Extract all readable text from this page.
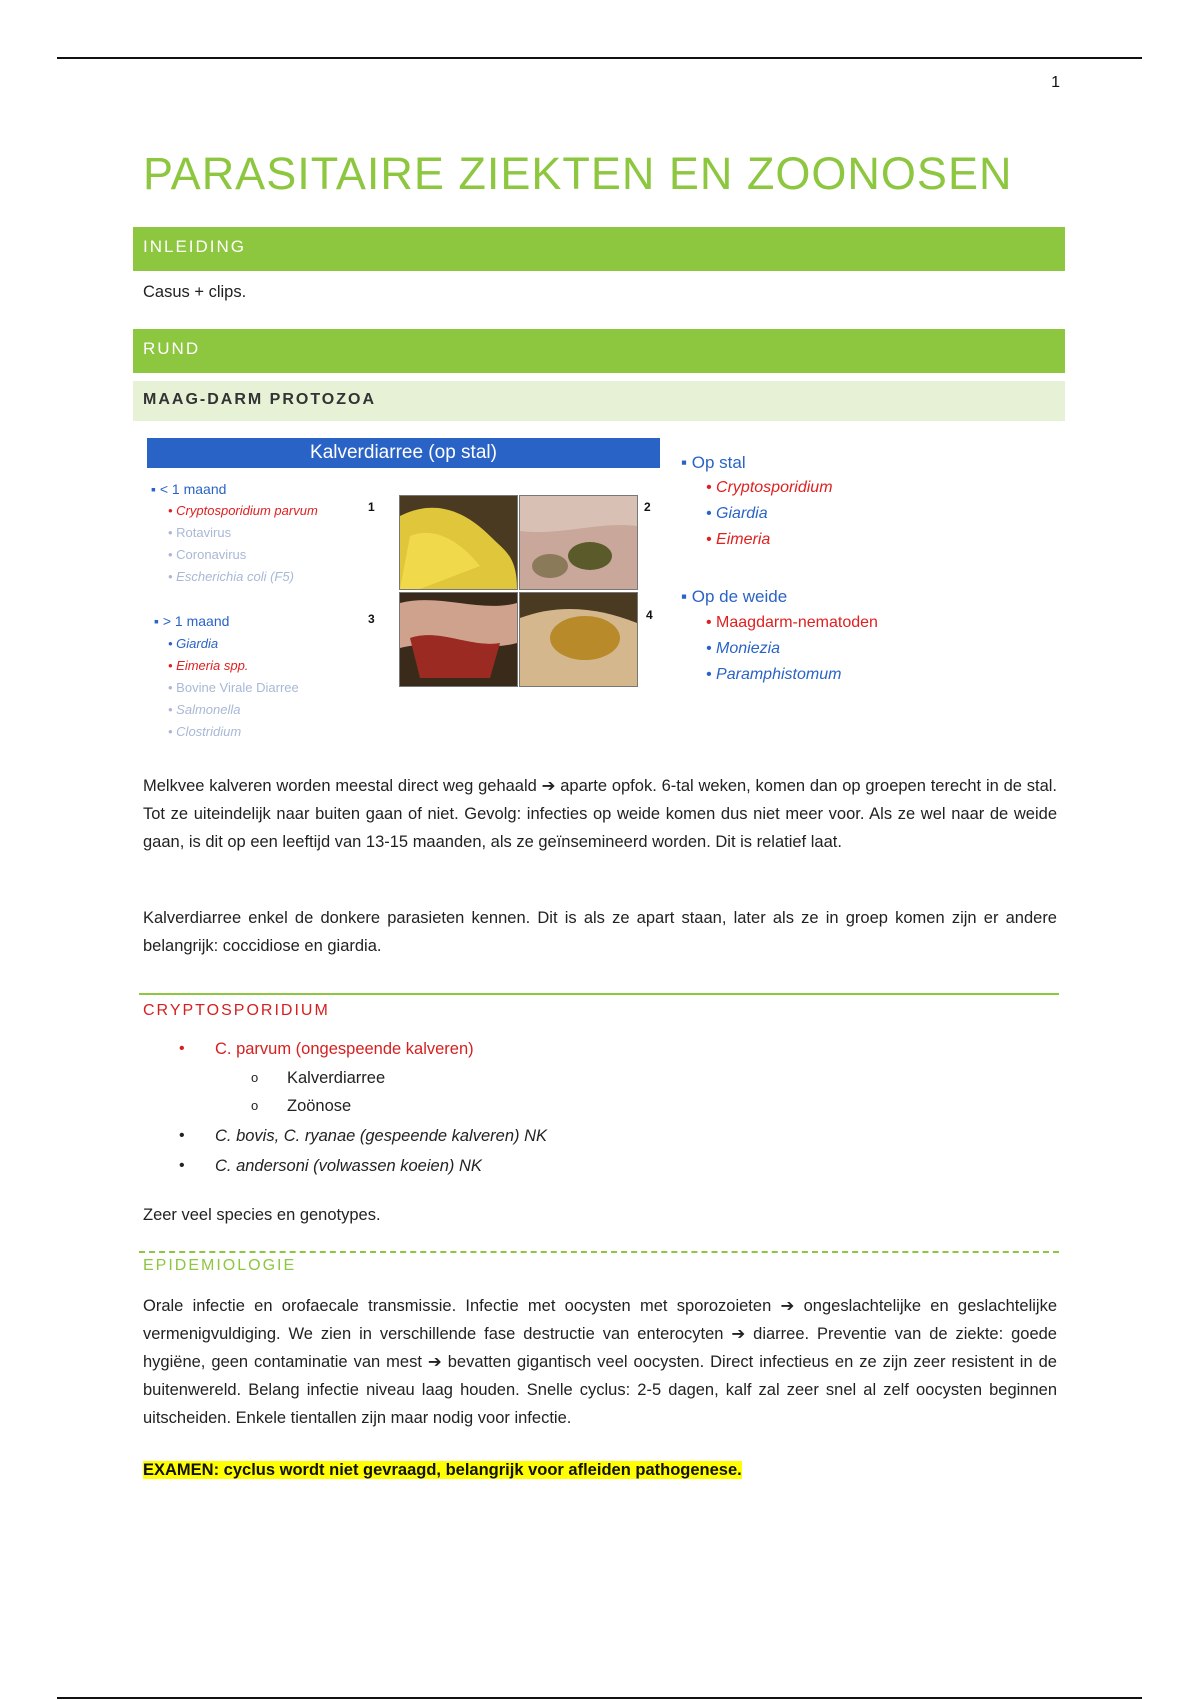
1
PARASITAIRE ZIEKTEN EN ZOONOSEN
INLEIDING
Casus + clips.
RUND
MAAG-DARM PROTOZOA
Kalverdiarree (op stal)
▪ < 1 maand
• Cryptosporidium parvum
• Rotavirus
• Coronavirus
• Escherichia coli (F5)
▪ > 1 maand
• Giardia
• Eimeria spp.
• Bovine Virale Diarree
• Salmonella
• Clostridium
1	2
3	4
▪ Op stal
• Cryptosporidium
• Giardia
• Eimeria
▪ Op de weide
• Maagdarm-nematoden
• Moniezia
• Paramphistomum
Melkvee kalveren worden meestal direct weg gehaald ➔ aparte opfok. 6-tal weken, komen dan op groepen terecht in de stal. Tot ze uiteindelijk naar buiten gaan of niet. Gevolg: infecties op weide komen dus niet meer voor. Als ze wel naar de weide gaan, is dit op een leeftijd van 13-15 maanden, als ze geïnsemineerd worden. Dit is relatief laat.
Kalverdiarree enkel de donkere parasieten kennen. Dit is als ze apart staan, later als ze in groep komen zijn er andere belangrijk: coccidiose en giardia.
CRYPTOSPORIDIUM
• C. parvum (ongespeende kalveren)
o Kalverdiarree
o Zoönose
• C. bovis, C. ryanae (gespeende kalveren) NK
• C. andersoni (volwassen koeien) NK
Zeer veel species en genotypes.
EPIDEMIOLOGIE
Orale infectie en orofaecale transmissie. Infectie met oocysten met sporozoieten ➔ ongeslachtelijke en geslachtelijke vermenigvuldiging. We zien in verschillende fase destructie van enterocyten ➔ diarree. Preventie van de ziekte: goede hygiëne, geen contaminatie van mest ➔ bevatten gigantisch veel oocysten. Direct infectieus en ze zijn zeer resistent in de buitenwereld. Belang infectie niveau laag houden. Snelle cyclus: 2-5 dagen, kalf zal zeer snel al zelf oocysten beginnen uitscheiden. Enkele tientallen zijn maar nodig voor infectie.
EXAMEN: cyclus wordt niet gevraagd, belangrijk voor afleiden pathogenese.
